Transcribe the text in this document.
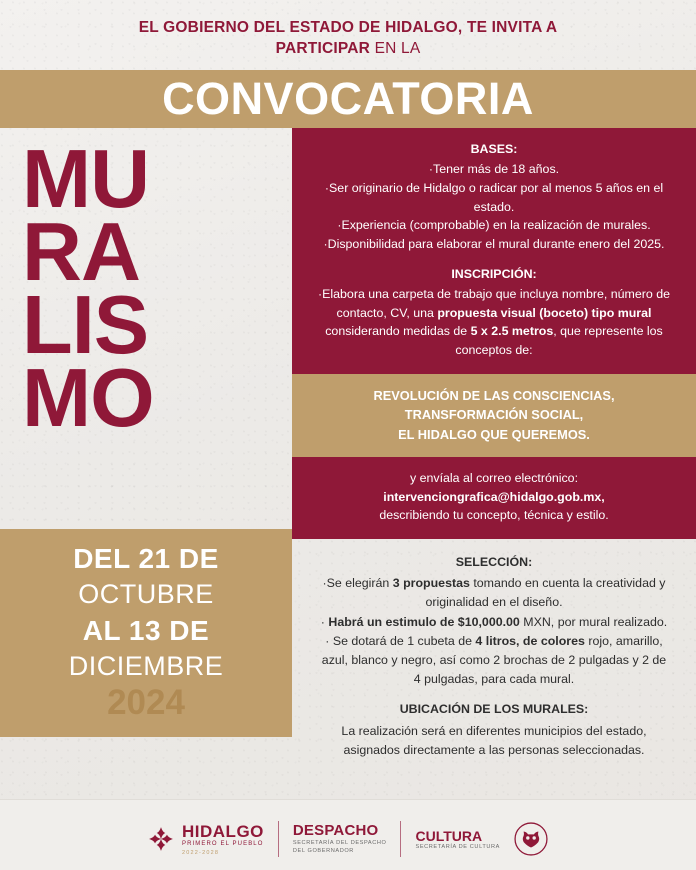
EL GOBIERNO DEL ESTADO DE HIDALGO, TE INVITA A
PARTICIPAR EN LA
CONVOCATORIA
MU
RA
LIS
MO
DEL 21 DE
OCTUBRE
AL 13 DE
DICIEMBRE
2024
BASES:
·Tener más de 18 años.
·Ser originario de Hidalgo o radicar por al menos 5 años en el estado.
·Experiencia (comprobable) en la realización de murales.
·Disponibilidad para elaborar el mural durante enero del 2025.
INSCRIPCIÓN:
·Elabora una carpeta de trabajo que incluya nombre, número de contacto, CV, una propuesta visual (boceto) tipo mural considerando medidas de 5 x 2.5 metros, que represente los conceptos de:
REVOLUCIÓN DE LAS CONSCIENCIAS,
TRANSFORMACIÓN SOCIAL,
EL HIDALGO QUE QUEREMOS.
y envíala al correo electrónico:
intervenciongrafica@hidalgo.gob.mx,
describiendo tu concepto, técnica y estilo.
SELECCIÓN:
·Se elegirán 3 propuestas tomando en cuenta la creatividad y originalidad en el diseño.
· Habrá un estimulo de $10,000.00 MXN, por mural realizado.
· Se dotará de 1 cubeta de 4 litros, de colores rojo, amarillo, azul, blanco y negro, así como 2 brochas de 2 pulgadas y 2 de 4 pulgadas, para cada mural.
UBICACIÓN DE LOS MURALES:
La realización será en diferentes municipios del estado, asignados directamente a las personas seleccionadas.
HIDALGO
PRIMERO EL PUEBLO
2022-2028
DESPACHO
SECRETARÍA DEL DESPACHO
DEL GOBERNADOR
CULTURA
SECRETARÍA DE CULTURA
